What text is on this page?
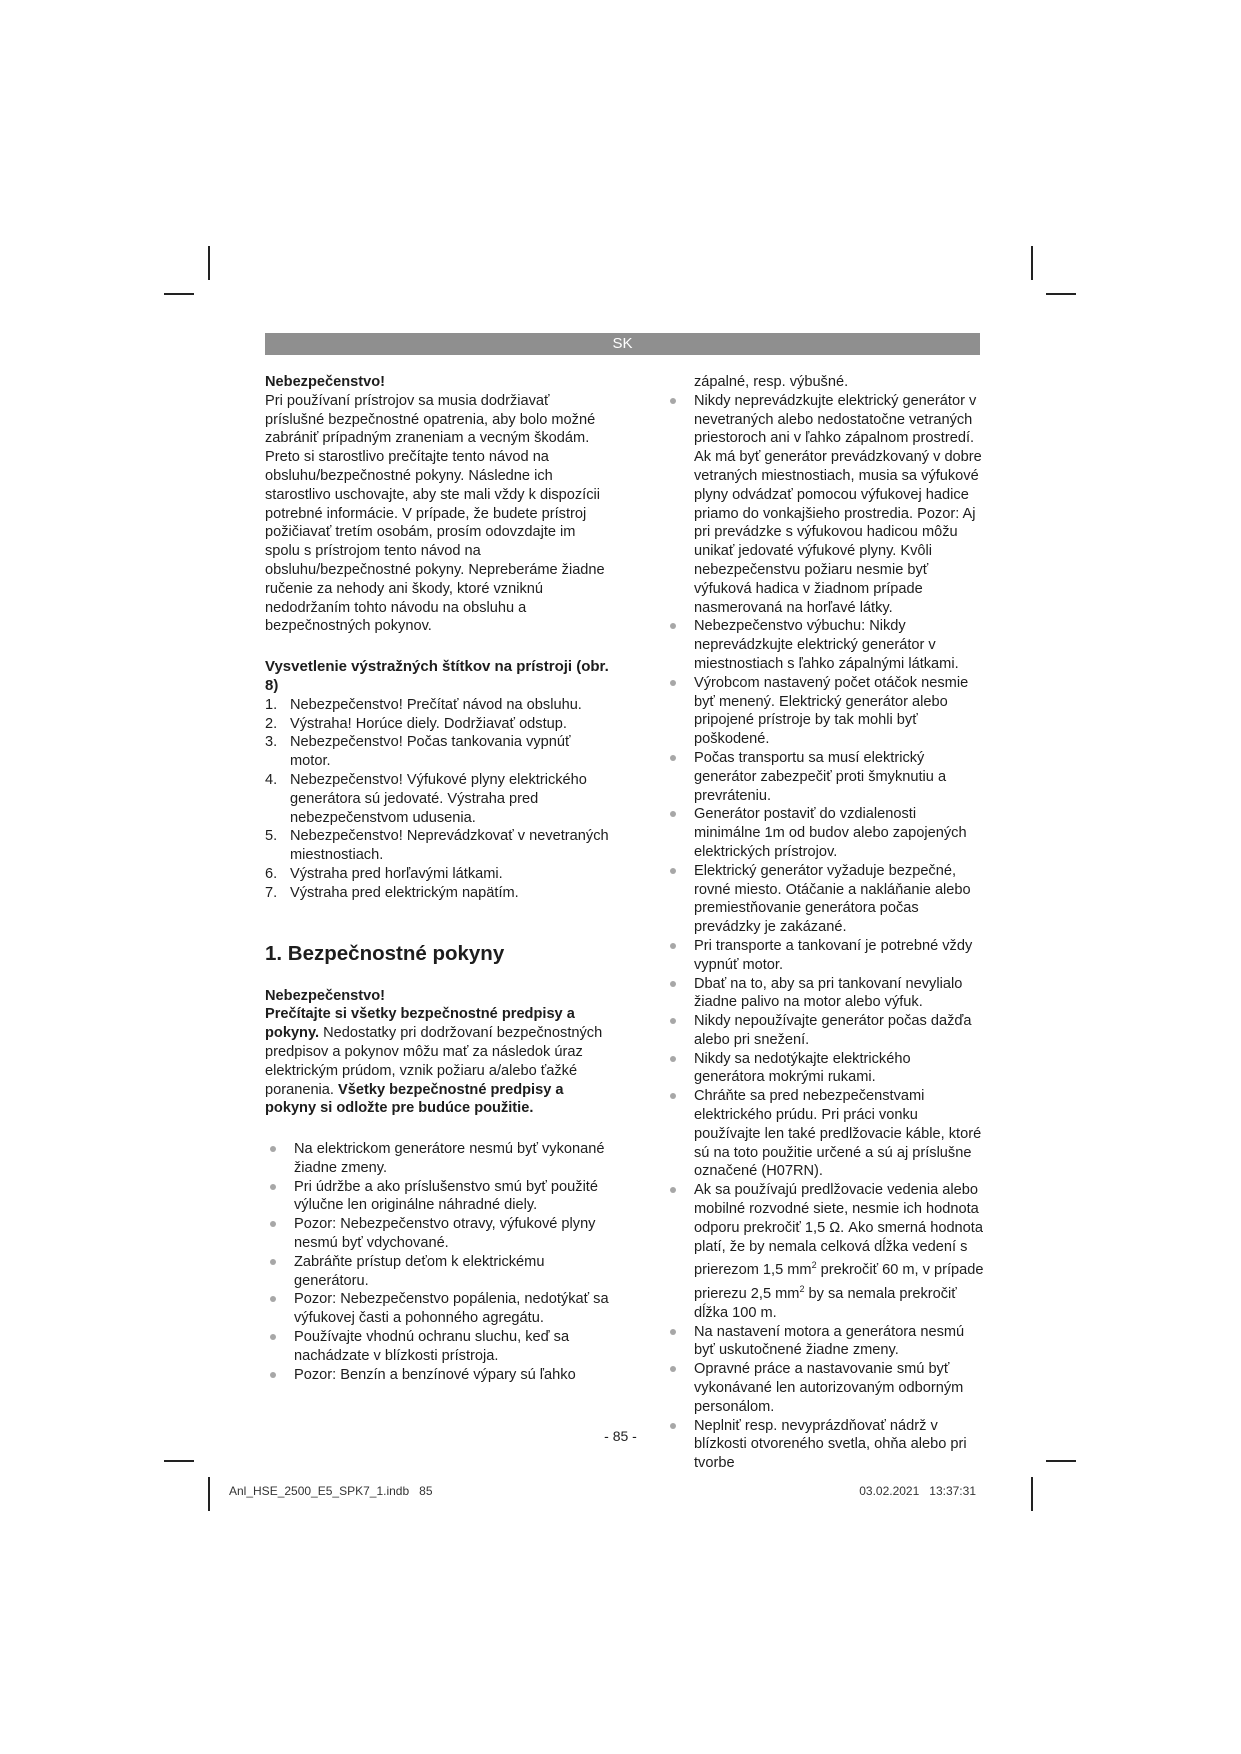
SK

Nebezpečenstvo!

Pri používaní prístrojov sa musia dodržiavať príslušné bezpečnostné opatrenia, aby bolo možné zabrániť prípadným zraneniam a vecným škodám. Preto si starostlivo prečítajte tento návod na obsluhu/bezpečnostné pokyny. Následne ich starostlivo uschovajte, aby ste mali vždy k dispozícii potrebné informácie. V prípade, že budete prístroj požičiavať tretím osobám, prosím odovzdajte im spolu s prístrojom tento návod na obsluhu/bezpečnostné pokyny. Nepreberáme žiadne ručenie za nehody ani škody, ktoré vzniknú nedodržaním tohto návodu na obsluhu a bezpečnostných pokynov.

Vysvetlenie výstražných štítkov na prístroji (obr. 8)

1. Nebezpečenstvo! Prečítať návod na obsluhu.
2. Výstraha! Horúce diely. Dodržiavať odstup.
3. Nebezpečenstvo! Počas tankovania vypnúť motor.
4. Nebezpečenstvo! Výfukové plyny elektrického generátora sú jedovaté. Výstraha pred nebezpečenstvom udusenia.
5. Nebezpečenstvo! Neprevádzkovať v nevetraných miestnostiach.
6. Výstraha pred horľavými látkami.
7. Výstraha pred elektrickým napätím.
1. Bezpečnostné pokyny

Nebezpečenstvo!

Prečítajte si všetky bezpečnostné predpisy a pokyny. Nedostatky pri dodržovaní bezpečnostných predpisov a pokynov môžu mať za následok úraz elektrickým prúdom, vznik požiaru a/alebo ťažké poranenia. Všetky bezpečnostné predpisy a pokyny si odložte pre budúce použitie.

Na elektrickom generátore nesmú byť vykonané žiadne zmeny.
Pri údržbe a ako príslušenstvo smú byť použité výlučne len originálne náhradné diely.
Pozor: Nebezpečenstvo otravy, výfukové plyny nesmú byť vdychované.
Zabráňte prístup deťom k elektrickému generátoru.
Pozor: Nebezpečenstvo popálenia, nedotýkať sa výfukovej časti a pohonného agregátu.
Používajte vhodnú ochranu sluchu, keď sa nachádzate v blízkosti prístroja.
Pozor: Benzín a benzínové výpary sú ľahko

zápalné, resp. výbušné.

Nikdy neprevádzkujte elektrický generátor v nevetraných alebo nedostatočne vetraných priestoroch ani v ľahko zápalnom prostredí. Ak má byť generátor prevádzkovaný v dobre vetraných miestnostiach, musia sa výfukové plyny odvádzať pomocou výfukovej hadice priamo do vonkajšieho prostredia. Pozor: Aj pri prevádzke s výfukovou hadicou môžu unikať jedovaté výfukové plyny. Kvôli nebezpečenstvu požiaru nesmie byť výfuková hadica v žiadnom prípade nasmerovaná na horľavé látky.
Nebezpečenstvo výbuchu: Nikdy neprevádzkujte elektrický generátor v miestnostiach s ľahko zápalnými látkami.
Výrobcom nastavený počet otáčok nesmie byť menený. Elektrický generátor alebo pripojené prístroje by tak mohli byť poškodené.
Počas transportu sa musí elektrický generátor zabezpečiť proti šmyknutiu a prevráteniu.
Generátor postaviť do vzdialenosti minimálne 1m od budov alebo zapojených elektrických prístrojov.
Elektrický generátor vyžaduje bezpečné, rovné miesto. Otáčanie a nakláňanie alebo premiestňovanie generátora počas prevádzky je zakázané.
Pri transporte a tankovaní je potrebné vždy vypnúť motor.
Dbať na to, aby sa pri tankovaní nevylialo žiadne palivo na motor alebo výfuk.
Nikdy nepoužívajte generátor počas dažďa alebo pri snežení.
Nikdy sa nedotýkajte elektrického generátora mokrými rukami.
Chráňte sa pred nebezpečenstvami elektrického prúdu. Pri práci vonku používajte len také predlžovacie káble, ktoré sú na toto použitie určené a sú aj príslušne označené (H07RN).
Ak sa používajú predlžovacie vedenia alebo mobilné rozvodné siete, nesmie ich hodnota odporu prekročiť 1,5 Ω. Ako smerná hodnota platí, že by nemala celková dĺžka vedení s prierezom 1,5 $mm^2$ prekročiť 60 m, v prípade prierezu 2,5 $mm^2$ by sa nemala prekročiť dĺžka 100 m.
Na nastavení motora a generátora nesmú byť uskutočnené žiadne zmeny.
Opravné práce a nastavovanie smú byť vykonávané len autorizovaným odborným personálom.
Neplniť resp. nevyprázdňovať nádrž v blízkosti otvoreného svetla, ohňa alebo pri tvorbe
- 85 -
Anl_HSE_2500_E5_SPK7_1.indb   85	03.02.2021   13:37:31
